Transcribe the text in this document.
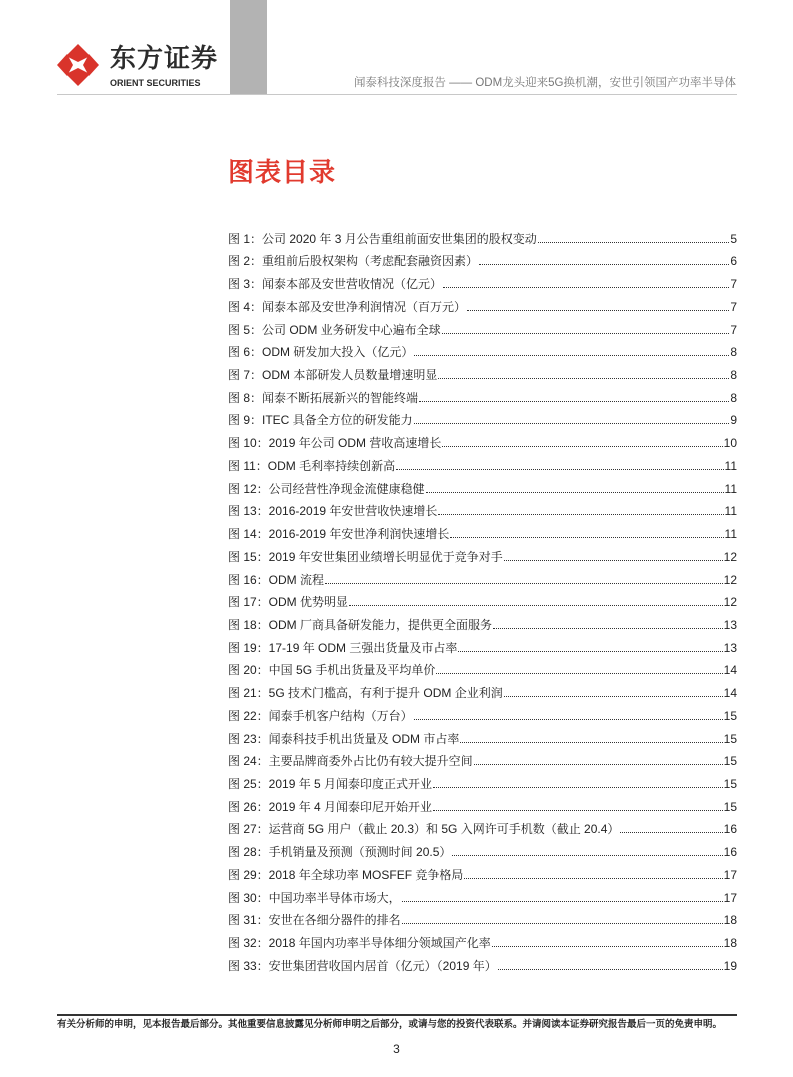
东方证券
ORIENT SECURITIES	闻泰科技深度报告 —— ODM龙头迎来5G换机潮，安世引领国产功率半导体
图表目录
图 1：公司 2020 年 3 月公告重组前面安世集团的股权变动	5
图 2：重组前后股权架构（考虑配套融资因素）	6
图 3：闻泰本部及安世营收情况（亿元）	7
图 4：闻泰本部及安世净利润情况（百万元）	7
图 5：公司 ODM 业务研发中心遍布全球	7
图 6：ODM 研发加大投入（亿元）	8
图 7：ODM 本部研发人员数量增速明显	8
图 8：闻泰不断拓展新兴的智能终端	8
图 9：ITEC 具备全方位的研发能力	9
图 10：2019 年公司 ODM 营收高速增长	10
图 11：ODM 毛利率持续创新高	11
图 12：公司经营性净现金流健康稳健	11
图 13：2016-2019 年安世营收快速增长	11
图 14：2016-2019 年安世净利润快速增长	11
图 15：2019 年安世集团业绩增长明显优于竞争对手	12
图 16：ODM 流程	12
图 17：ODM 优势明显	12
图 18：ODM 厂商具备研发能力，提供更全面服务	13
图 19：17-19 年 ODM 三强出货量及市占率	13
图 20：中国 5G 手机出货量及平均单价	14
图 21：5G 技术门槛高，有利于提升 ODM 企业利润	14
图 22：闻泰手机客户结构（万台）	15
图 23：闻泰科技手机出货量及 ODM 市占率	15
图 24：主要品牌商委外占比仍有较大提升空间	15
图 25：2019 年 5 月闻泰印度正式开业	15
图 26：2019 年 4 月闻泰印尼开始开业	15
图 27：运营商 5G 用户（截止 20.3）和 5G 入网许可手机数（截止 20.4）	16
图 28：手机销量及预测（预测时间 20.5）	16
图 29：2018 年全球功率 MOSFEF 竞争格局	17
图 30：中国功率半导体市场大，	17
图 31：安世在各细分器件的排名	18
图 32：2018 年国内功率半导体细分领域国产化率	18
图 33：安世集团营收国内居首（亿元）（2019 年）	19
有关分析师的申明，见本报告最后部分。其他重要信息披露见分析师申明之后部分，或请与您的投资代表联系。并请阅读本证券研究报告最后一页的免责申明。
3
